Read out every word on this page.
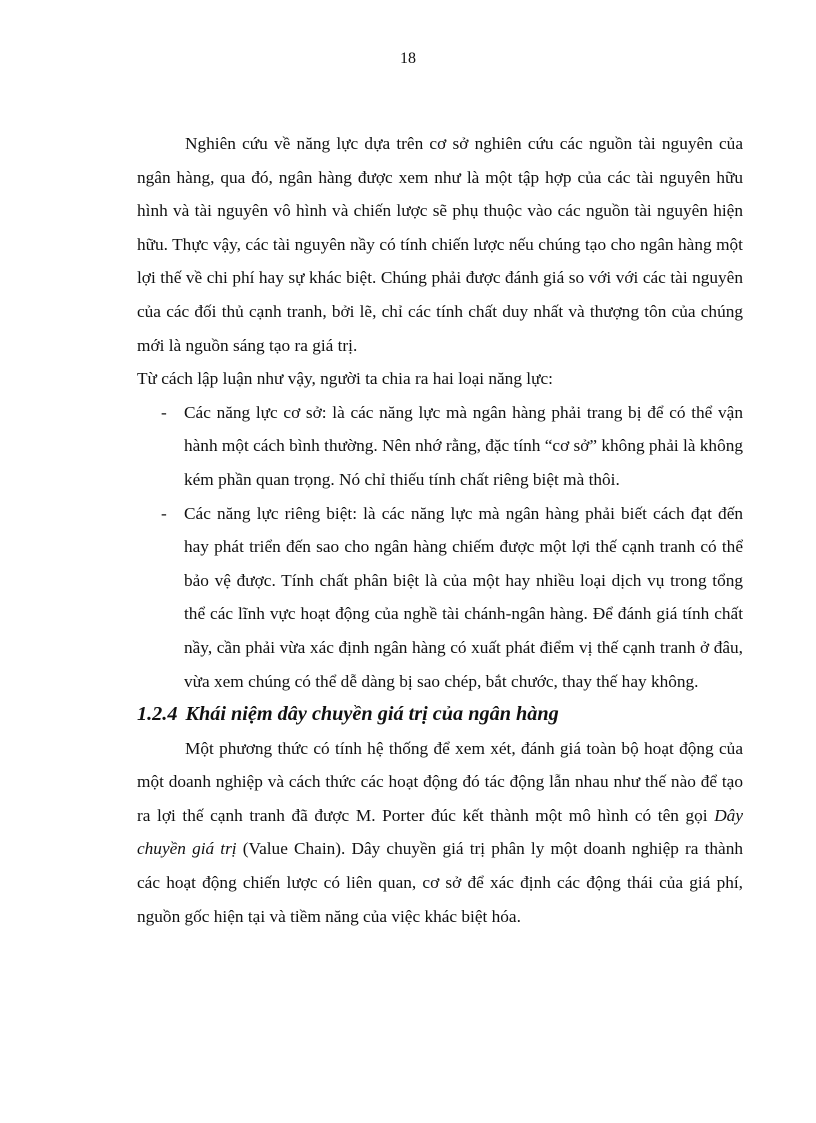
18

Nghiên cứu về năng lực dựa trên cơ sở nghiên cứu các nguồn tài nguyên của ngân hàng, qua đó, ngân hàng được xem như là một tập hợp của các tài nguyên hữu hình và tài nguyên vô hình và chiến lược sẽ phụ thuộc vào các nguồn tài nguyên hiện hữu. Thực vậy, các tài nguyên nầy có tính chiến lược nếu chúng tạo cho ngân hàng một lợi thế về chi phí hay sự khác biệt. Chúng phải được đánh giá so với với các tài nguyên của các đối thủ cạnh tranh, bởi lẽ, chỉ các tính chất duy nhất và thượng tôn của chúng mới là nguồn sáng tạo ra giá trị.

Từ cách lập luận như vậy, người ta chia ra hai loại năng lực:

- Các năng lực cơ sở: là các năng lực mà ngân hàng phải trang bị để có thể vận hành một cách bình thường. Nên nhớ rằng, đặc tính “cơ sở” không phải là không kém phần quan trọng. Nó chỉ thiếu tính chất riêng biệt mà thôi.
- Các năng lực riêng biệt: là các năng lực mà ngân hàng phải biết cách đạt đến hay phát triển đến sao cho ngân hàng chiếm được một lợi thế cạnh tranh có thể bảo vệ được. Tính chất phân biệt là của một hay nhiều loại dịch vụ trong tổng thể các lĩnh vực hoạt động của nghề tài chánh-ngân hàng. Để đánh giá tính chất nầy, cần phải vừa xác định ngân hàng có xuất phát điểm vị thế cạnh tranh ở đâu, vừa xem chúng có thể dễ dàng bị sao chép, bắt chước, thay thế hay không.
1.2.4 Khái niệm dây chuyền giá trị của ngân hàng

Một phương thức có tính hệ thống để xem xét, đánh giá toàn bộ hoạt động của một doanh nghiệp và cách thức các hoạt động đó tác động lẫn nhau như thế nào để tạo ra lợi thế cạnh tranh đã được M. Porter đúc kết thành một mô hình có tên gọi Dây chuyền giá trị (Value Chain). Dây chuyền giá trị phân ly một doanh nghiệp ra thành các hoạt động chiến lược có liên quan, cơ sở để xác định các động thái của giá phí, nguồn gốc hiện tại và tiềm năng của việc khác biệt hóa.
